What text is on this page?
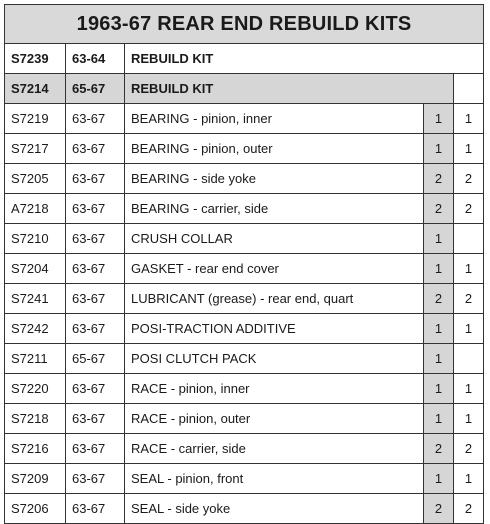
1963-67 REAR END REBUILD KITS				
S7239	63-64	REBUILD KIT		
S7214	65-67	REBUILD KIT		
S7219	63-67	BEARING - pinion, inner	1	1
S7217	63-67	BEARING - pinion, outer	1	1
S7205	63-67	BEARING - side yoke	2	2
A7218	63-67	BEARING - carrier, side	2	2
S7210	63-67	CRUSH COLLAR	1	
S7204	63-67	GASKET - rear end cover	1	1
S7241	63-67	LUBRICANT (grease) - rear end, quart	2	2
S7242	63-67	POSI-TRACTION ADDITIVE	1	1
S7211	65-67	POSI CLUTCH PACK	1	
S7220	63-67	RACE - pinion, inner	1	1
S7218	63-67	RACE - pinion, outer	1	1
S7216	63-67	RACE - carrier, side	2	2
S7209	63-67	SEAL - pinion, front	1	1
S7206	63-67	SEAL - side yoke	2	2
